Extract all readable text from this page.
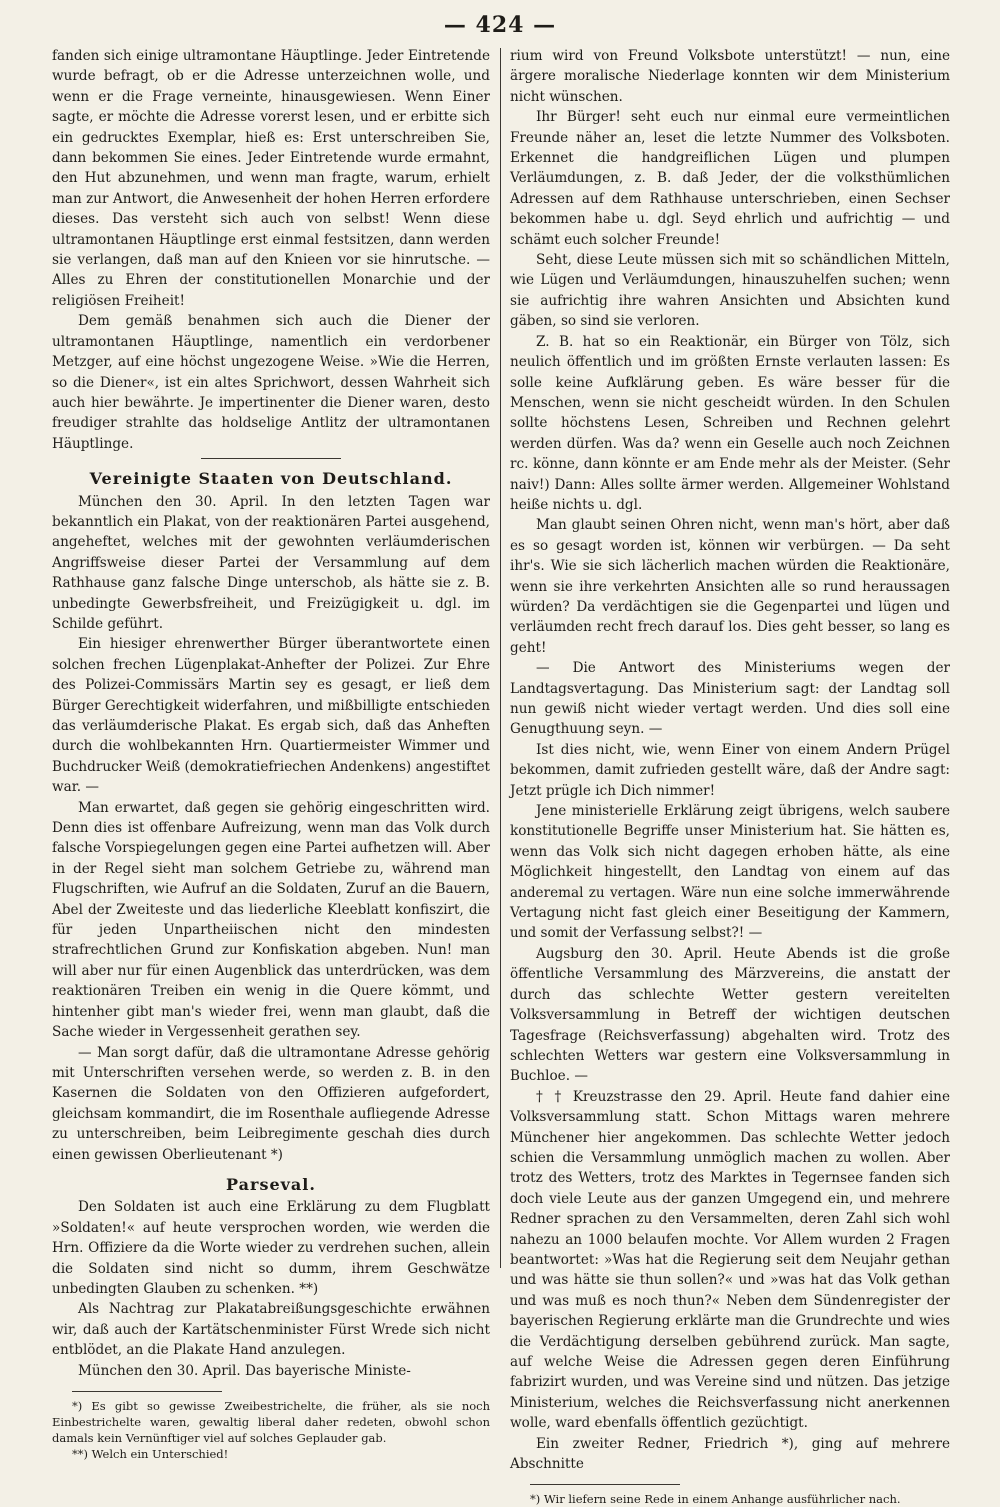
— 424 —

fanden sich einige ultramontane Häuptlinge. Jeder Eintretende wurde befragt, ob er die Adresse unterzeichnen wolle, und wenn er die Frage verneinte, hinausgewiesen. Wenn Einer sagte, er möchte die Adresse vorerst lesen, und er erbitte sich ein gedrucktes Exemplar, hieß es: Erst unterschreiben Sie, dann bekommen Sie eines. Jeder Eintretende wurde ermahnt, den Hut abzunehmen, und wenn man fragte, warum, erhielt man zur Antwort, die Anwesenheit der hohen Herren erfordere dieses. Das versteht sich auch von selbst! Wenn diese ultramontanen Häuptlinge erst einmal festsitzen, dann werden sie verlangen, daß man auf den Knieen vor sie hinrutsche. — Alles zu Ehren der constitutionellen Monarchie und der religiösen Freiheit!

Dem gemäß benahmen sich auch die Diener der ultramontanen Häuptlinge, namentlich ein verdorbener Metzger, auf eine höchst ungezogene Weise. »Wie die Herren, so die Diener«, ist ein altes Sprichwort, dessen Wahrheit sich auch hier bewährte. Je impertinenter die Diener waren, desto freudiger strahlte das holdselige Antlitz der ultramontanen Häuptlinge.

Vereinigte Staaten von Deutschland.

München den 30. April. In den letzten Tagen war bekanntlich ein Plakat, von der reaktionären Partei ausgehend, angeheftet, welches mit der gewohnten verläumderischen Angriffsweise dieser Partei der Versammlung auf dem Rathhause ganz falsche Dinge unterschob, als hätte sie z. B. unbedingte Gewerbsfreiheit, und Freizügigkeit u. dgl. im Schilde geführt.

Ein hiesiger ehrenwerther Bürger überantwortete einen solchen frechen Lügenplakat-Anhefter der Polizei. Zur Ehre des Polizei-Commissärs Martin sey es gesagt, er ließ dem Bürger Gerechtigkeit widerfahren, und mißbilligte entschieden das verläumderische Plakat. Es ergab sich, daß das Anheften durch die wohlbekannten Hrn. Quartiermeister Wimmer und Buchdrucker Weiß (demokratiefriechen Andenkens) angestiftet war. —

Man erwartet, daß gegen sie gehörig eingeschritten wird. Denn dies ist offenbare Aufreizung, wenn man das Volk durch falsche Vorspiegelungen gegen eine Partei aufhetzen will. Aber in der Regel sieht man solchem Getriebe zu, während man Flugschriften, wie Aufruf an die Soldaten, Zuruf an die Bauern, Abel der Zweiteste und das liederliche Kleeblatt konfiszirt, die für jeden Unpartheiischen nicht den mindesten strafrechtlichen Grund zur Konfiskation abgeben. Nun! man will aber nur für einen Augenblick das unterdrücken, was dem reaktionären Treiben ein wenig in die Quere kömmt, und hintenher gibt man's wieder frei, wenn man glaubt, daß die Sache wieder in Vergessenheit gerathen sey.

— Man sorgt dafür, daß die ultramontane Adresse gehörig mit Unterschriften versehen werde, so werden z. B. in den Kasernen die Soldaten von den Offizieren aufgefordert, gleichsam kommandirt, die im Rosenthale aufliegende Adresse zu unterschreiben, beim Leibregimente geschah dies durch einen gewissen Oberlieutenant *)

Parseval.

Den Soldaten ist auch eine Erklärung zu dem Flugblatt »Soldaten!« auf heute versprochen worden, wie werden die Hrn. Offiziere da die Worte wieder zu verdrehen suchen, allein die Soldaten sind nicht so dumm, ihrem Geschwätze unbedingten Glauben zu schenken. **)

Als Nachtrag zur Plakatabreißungsgeschichte erwähnen wir, daß auch der Kartätschenminister Fürst Wrede sich nicht entblödet, an die Plakate Hand anzulegen.

München den 30. April. Das bayerische Ministe-

*) Es gibt so gewisse Zweibestrichelte, die früher, als sie noch Einbestrichelte waren, gewaltig liberal daher redeten, obwohl schon damals kein Vernünftiger viel auf solches Geplauder gab.

**) Welch ein Unterschied!

rium wird von Freund Volksbote unterstützt! — nun, eine ärgere moralische Niederlage konnten wir dem Ministerium nicht wünschen.

Ihr Bürger! seht euch nur einmal eure vermeintlichen Freunde näher an, leset die letzte Nummer des Volksboten. Erkennet die handgreiflichen Lügen und plumpen Verläumdungen, z. B. daß Jeder, der die volksthümlichen Adressen auf dem Rathhause unterschrieben, einen Sechser bekommen habe u. dgl. Seyd ehrlich und aufrichtig — und schämt euch solcher Freunde!

Seht, diese Leute müssen sich mit so schändlichen Mitteln, wie Lügen und Verläumdungen, hinauszuhelfen suchen; wenn sie aufrichtig ihre wahren Ansichten und Absichten kund gäben, so sind sie verloren.

Z. B. hat so ein Reaktionär, ein Bürger von Tölz, sich neulich öffentlich und im größten Ernste verlauten lassen: Es solle keine Aufklärung geben. Es wäre besser für die Menschen, wenn sie nicht gescheidt würden. In den Schulen sollte höchstens Lesen, Schreiben und Rechnen gelehrt werden dürfen. Was da? wenn ein Geselle auch noch Zeichnen rc. könne, dann könnte er am Ende mehr als der Meister. (Sehr naiv!) Dann: Alles sollte ärmer werden. Allgemeiner Wohlstand heiße nichts u. dgl.

Man glaubt seinen Ohren nicht, wenn man's hört, aber daß es so gesagt worden ist, können wir verbürgen. — Da seht ihr's. Wie sie sich lächerlich machen würden die Reaktionäre, wenn sie ihre verkehrten Ansichten alle so rund heraussagen würden? Da verdächtigen sie die Gegenpartei und lügen und verläumden recht frech darauf los. Dies geht besser, so lang es geht!

— Die Antwort des Ministeriums wegen der Landtagsvertagung. Das Ministerium sagt: der Landtag soll nun gewiß nicht wieder vertagt werden. Und dies soll eine Genugthuung seyn. —

Ist dies nicht, wie, wenn Einer von einem Andern Prügel bekommen, damit zufrieden gestellt wäre, daß der Andre sagt: Jetzt prügle ich Dich nimmer!

Jene ministerielle Erklärung zeigt übrigens, welch saubere konstitutionelle Begriffe unser Ministerium hat. Sie hätten es, wenn das Volk sich nicht dagegen erhoben hätte, als eine Möglichkeit hingestellt, den Landtag von einem auf das anderemal zu vertagen. Wäre nun eine solche immerwährende Vertagung nicht fast gleich einer Beseitigung der Kammern, und somit der Verfassung selbst?! —

Augsburg den 30. April. Heute Abends ist die große öffentliche Versammlung des Märzvereins, die anstatt der durch das schlechte Wetter gestern vereitelten Volksversammlung in Betreff der wichtigen deutschen Tagesfrage (Reichsverfassung) abgehalten wird. Trotz des schlechten Wetters war gestern eine Volksversammlung in Buchloe. —

† † Kreuzstrasse den 29. April. Heute fand dahier eine Volksversammlung statt. Schon Mittags waren mehrere Münchener hier angekommen. Das schlechte Wetter jedoch schien die Versammlung unmöglich machen zu wollen. Aber trotz des Wetters, trotz des Marktes in Tegernsee fanden sich doch viele Leute aus der ganzen Umgegend ein, und mehrere Redner sprachen zu den Versammelten, deren Zahl sich wohl nahezu an 1000 belaufen mochte. Vor Allem wurden 2 Fragen beantwortet: »Was hat die Regierung seit dem Neujahr gethan und was hätte sie thun sollen?« und »was hat das Volk gethan und was muß es noch thun?« Neben dem Sündenregister der bayerischen Regierung erklärte man die Grundrechte und wies die Verdächtigung derselben gebührend zurück. Man sagte, auf welche Weise die Adressen gegen deren Einführung fabrizirt wurden, und was Vereine sind und nützen. Das jetzige Ministerium, welches die Reichsverfassung nicht anerkennen wolle, ward ebenfalls öffentlich gezüchtigt.

Ein zweiter Redner, Friedrich *), ging auf mehrere Abschnitte

*) Wir liefern seine Rede in einem Anhange ausführlicher nach.
